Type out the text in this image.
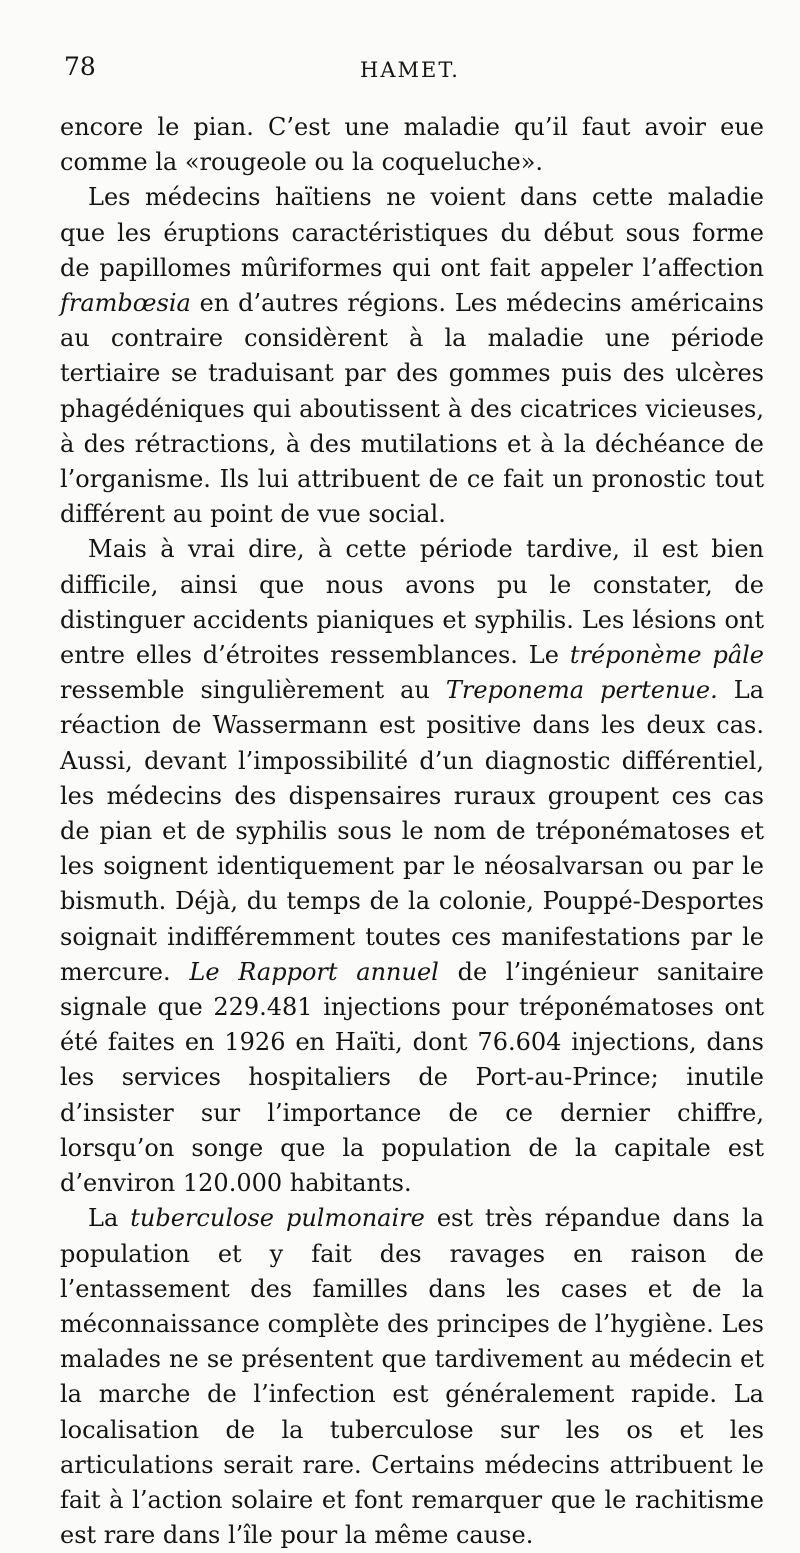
78	HAMET.

encore le pian. C’est une maladie qu’il faut avoir eue comme la «rougeole ou la coqueluche».

Les médecins haïtiens ne voient dans cette maladie que les éruptions caractéristiques du début sous forme de papillomes mûriformes qui ont fait appeler l’affection frambœsia en d’autres régions. Les médecins américains au contraire considèrent à la maladie une période tertiaire se traduisant par des gommes puis des ulcères phagédéniques qui aboutissent à des cicatrices vicieuses, à des rétractions, à des mutilations et à la déchéance de l’organisme. Ils lui attribuent de ce fait un pronostic tout différent au point de vue social.

Mais à vrai dire, à cette période tardive, il est bien difficile, ainsi que nous avons pu le constater, de distinguer accidents pianiques et syphilis. Les lésions ont entre elles d’étroites ressemblances. Le tréponème pâle ressemble singulièrement au Treponema pertenue. La réaction de Wassermann est positive dans les deux cas. Aussi, devant l’impossibilité d’un diagnostic différentiel, les médecins des dispensaires ruraux groupent ces cas de pian et de syphilis sous le nom de tréponématoses et les soignent identiquement par le néosalvarsan ou par le bismuth. Déjà, du temps de la colonie, Pouppé-Desportes soignait indifféremment toutes ces manifestations par le mercure. Le Rapport annuel de l’ingénieur sanitaire signale que 229.481 injections pour tréponématoses ont été faites en 1926 en Haïti, dont 76.604 injections, dans les services hospitaliers de Port-au-Prince; inutile d’insister sur l’importance de ce dernier chiffre, lorsqu’on songe que la population de la capitale est d’environ 120.000 habitants.

La tuberculose pulmonaire est très répandue dans la population et y fait des ravages en raison de l’entassement des familles dans les cases et de la méconnaissance complète des principes de l’hygiène. Les malades ne se présentent que tardivement au médecin et la marche de l’infection est généralement rapide. La localisation de la tuberculose sur les os et les articulations serait rare. Certains médecins attribuent le fait à l’action solaire et font remarquer que le rachitisme est rare dans l’île pour la même cause.
